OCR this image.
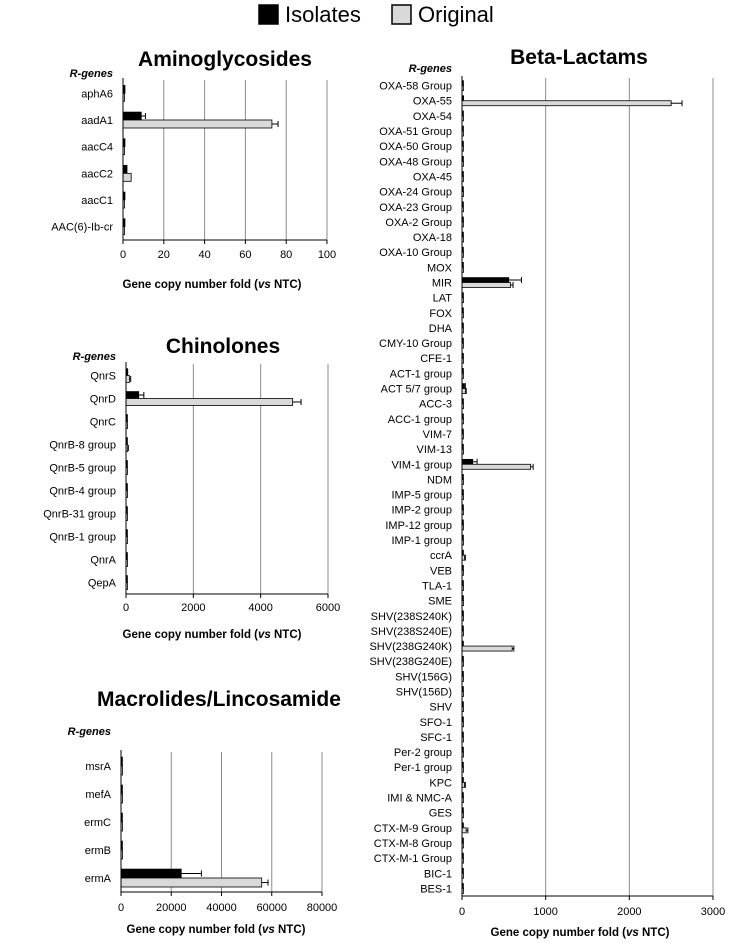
Isolates	Original
Aminoglycosides
R-genes
aphA6
aadA1
aacC4
aacC2
aacC1
AAC(6)-Ib-cr
0	20	40	60	80 100
Gene copy number fold (vs NTC)
Chinolones
R-genes
QnrS
QnrD
QnrC
QnrB-8 group
QnrB-5 group
QnrB-4 group
QnrB-31 group
QnrB-1 group
QnrA
QepA
0	2000	4000	6000
Gene copy number fold (vs NTC)
Macrolides/Lincosamide
R-genes
msrA
mefA
ermC
ermB
ermA
0	20000 40000 60000 80000
Gene copy number fold (vs NTC)
Beta-Lactams
R-genes
OXA-58 Group
OXA-55
OXA-54
OXA-51 Group
OXA-50 Group
OXA-48 Group
OXA-45
OXA-24 Group
OXA-23 Group
OXA-2 Group
OXA-18
OXA-10 Group
MOX
MIR
LAT
FOX
DHA
CMY-10 Group
CFE-1
ACT-1 group
ACT 5/7 group
ACC-3
ACC-1 group
VIM-7
VIM-13
VIM-1 group
NDM
IMP-5 group
IMP-2 group
IMP-12 group
IMP-1 group
ccrA
VEB
TLA-1
SME
SHV(238S240K)
SHV(238S240E)
SHV(238G240K)
SHV(238G240E)
SHV(156G)
SHV(156D)
SHV
SFO-1
SFC-1
Per-2 group
Per-1 group
KPC
IMI & NMC-A
GES
CTX-M-9 Group
CTX-M-8 Group
CTX-M-1 Group
BIC-1
BES-1
0	1000	2000	3000
Gene copy number fold (vs NTC)
